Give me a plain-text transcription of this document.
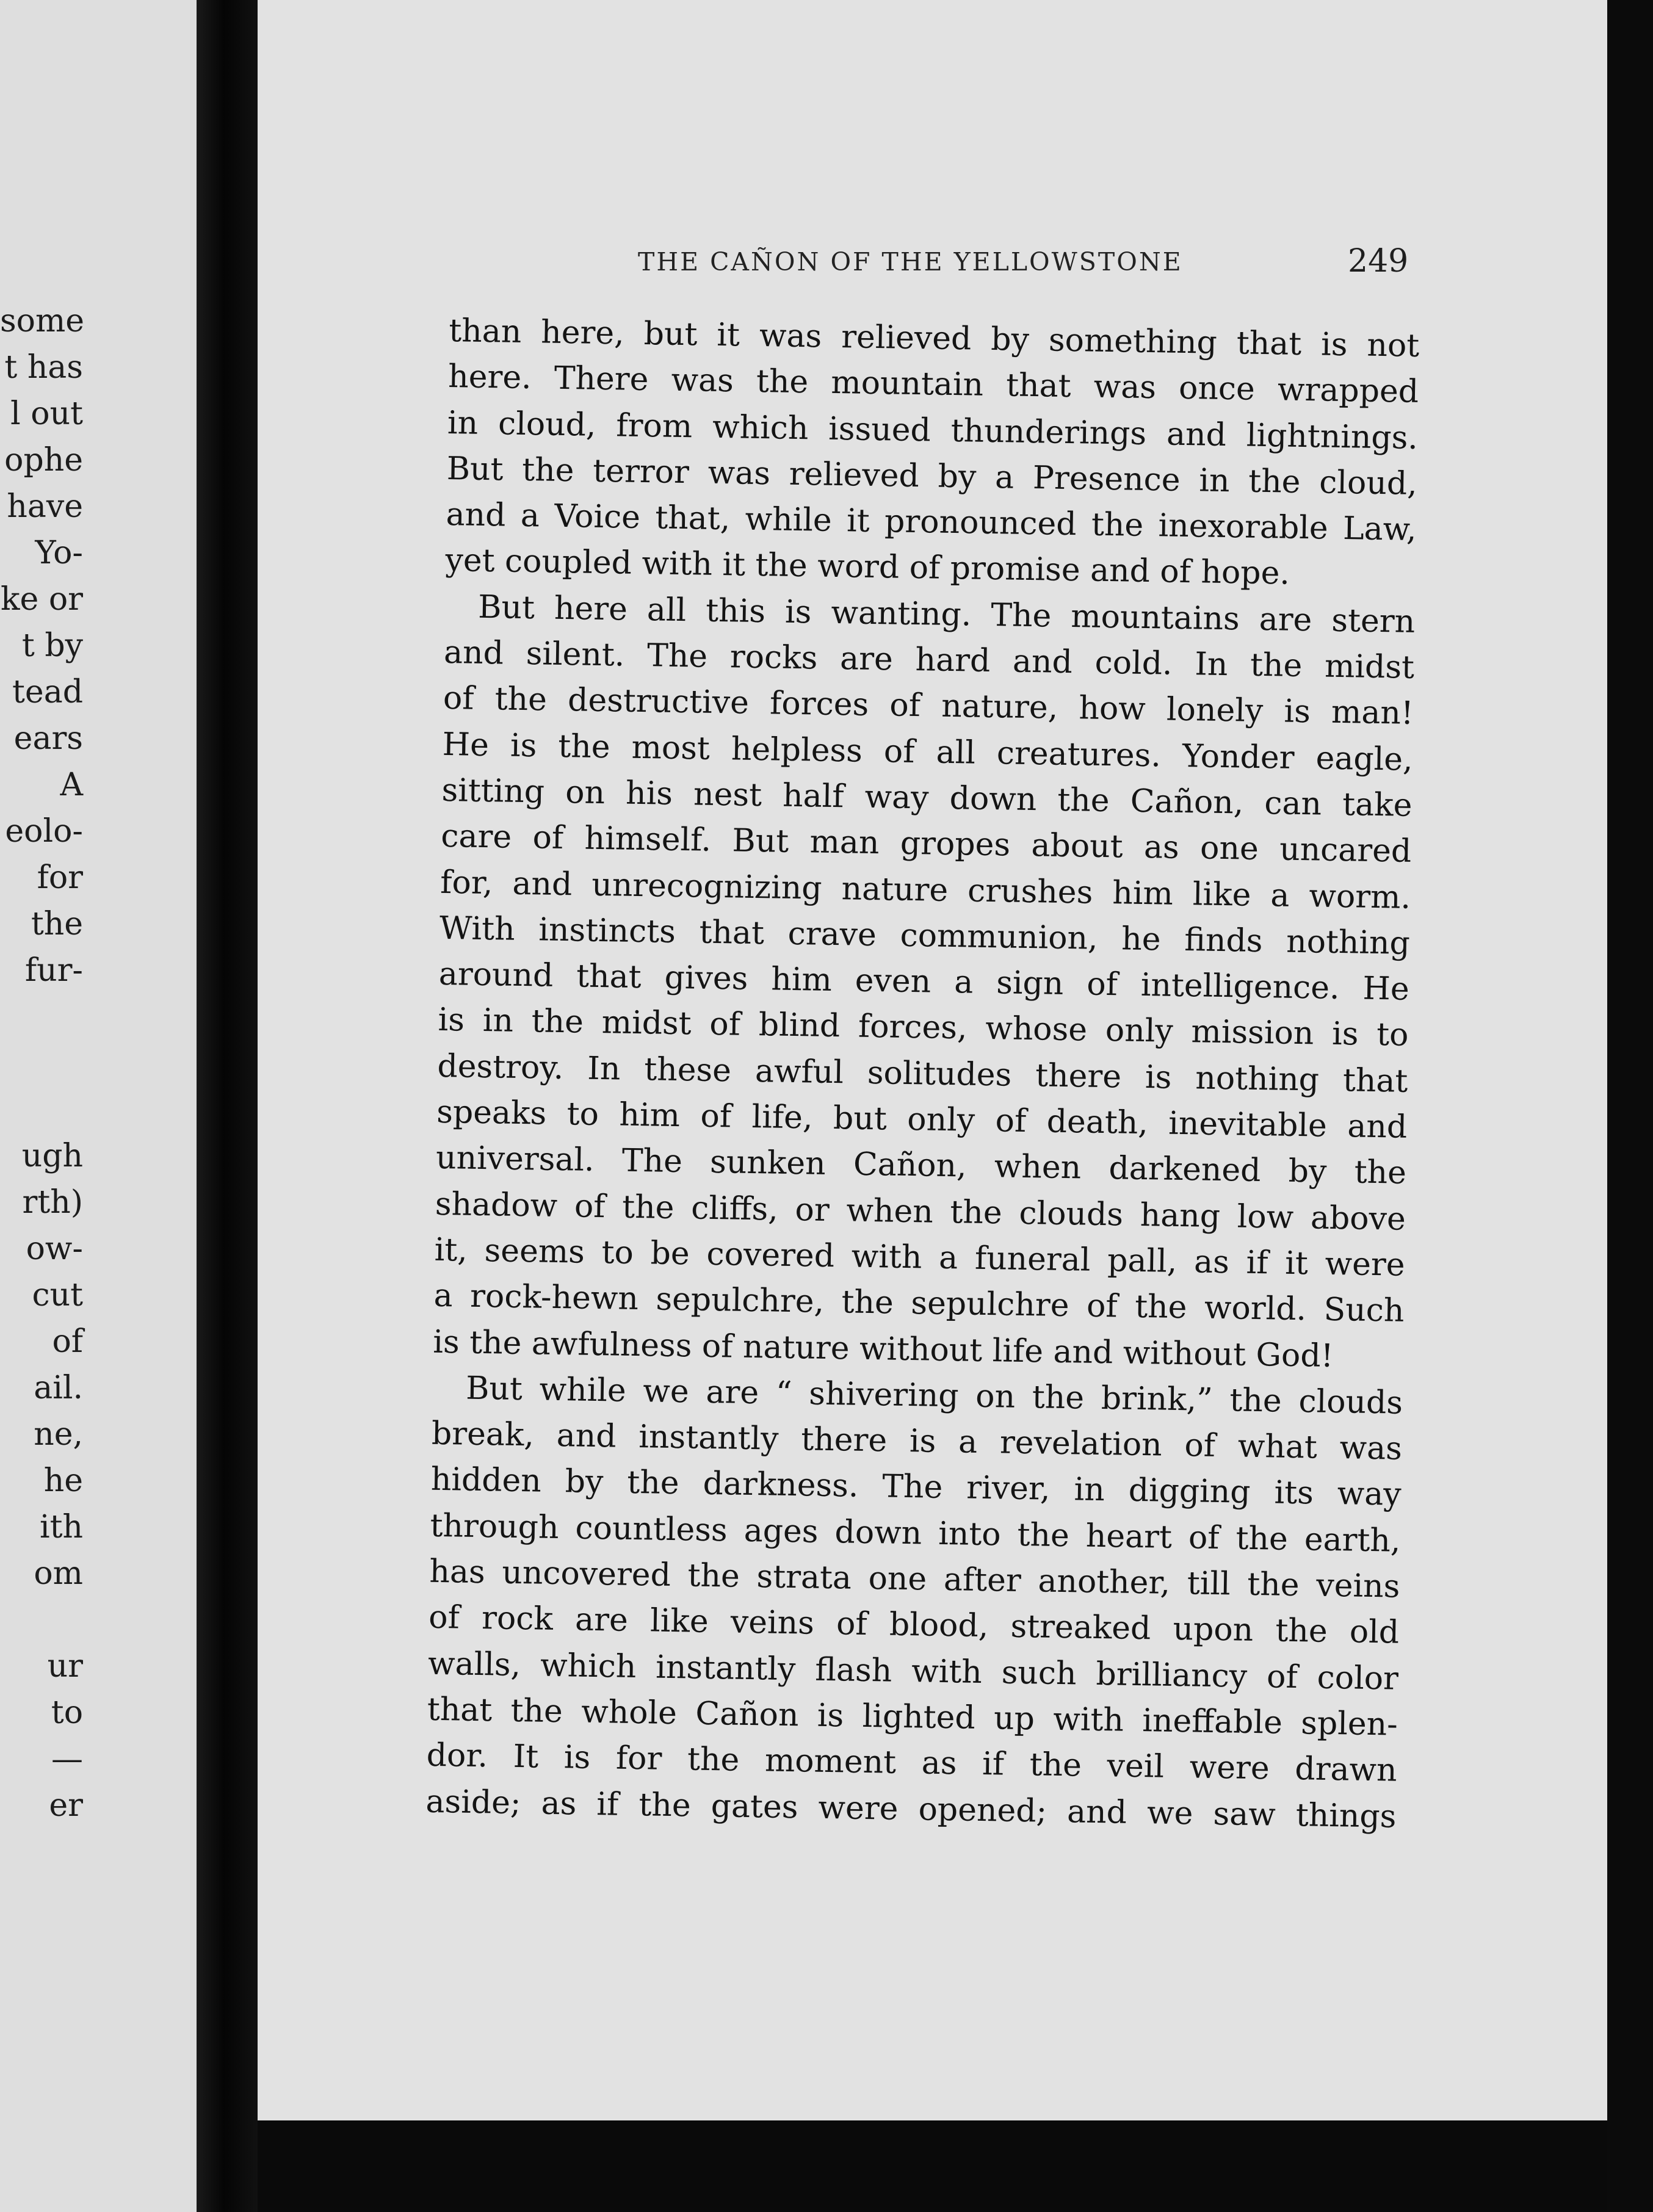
some
t has
l out
ophe
have
Yo-
ke or
t by
tead
ears
A
eolo-
for
the
fur-
ugh
rth)
ow-
cut
of
ail.
ne,
he
ith
om
ur
to
—
er
THE CAÑON OF THE YELLOWSTONE	249
than here, but it was relieved by something that is not
here. There was the mountain that was once wrapped
in cloud, from which issued thunderings and lightnings.
But the terror was relieved by a Presence in the cloud,
and a Voice that, while it pronounced the inexorable Law,
yet coupled with it the word of promise and of hope.
But here all this is wanting. The mountains are stern
and silent. The rocks are hard and cold. In the midst
of the destructive forces of nature, how lonely is man!
He is the most helpless of all creatures. Yonder eagle,
sitting on his nest half way down the Cañon, can take
care of himself. But man gropes about as one uncared
for, and unrecognizing nature crushes him like a worm.
With instincts that crave communion, he finds nothing
around that gives him even a sign of intelligence. He
is in the midst of blind forces, whose only mission is to
destroy. In these awful solitudes there is nothing that
speaks to him of life, but only of death, inevitable and
universal. The sunken Cañon, when darkened by the
shadow of the cliffs, or when the clouds hang low above
it, seems to be covered with a funeral pall, as if it were
a rock-hewn sepulchre, the sepulchre of the world. Such
is the awfulness of nature without life and without God!
But while we are “ shivering on the brink,” the clouds
break, and instantly there is a revelation of what was
hidden by the darkness. The river, in digging its way
through countless ages down into the heart of the earth,
has uncovered the strata one after another, till the veins
of rock are like veins of blood, streaked upon the old
walls, which instantly flash with such brilliancy of color
that the whole Cañon is lighted up with ineffable splen-
dor. It is for the moment as if the veil were drawn
aside; as if the gates were opened; and we saw things
